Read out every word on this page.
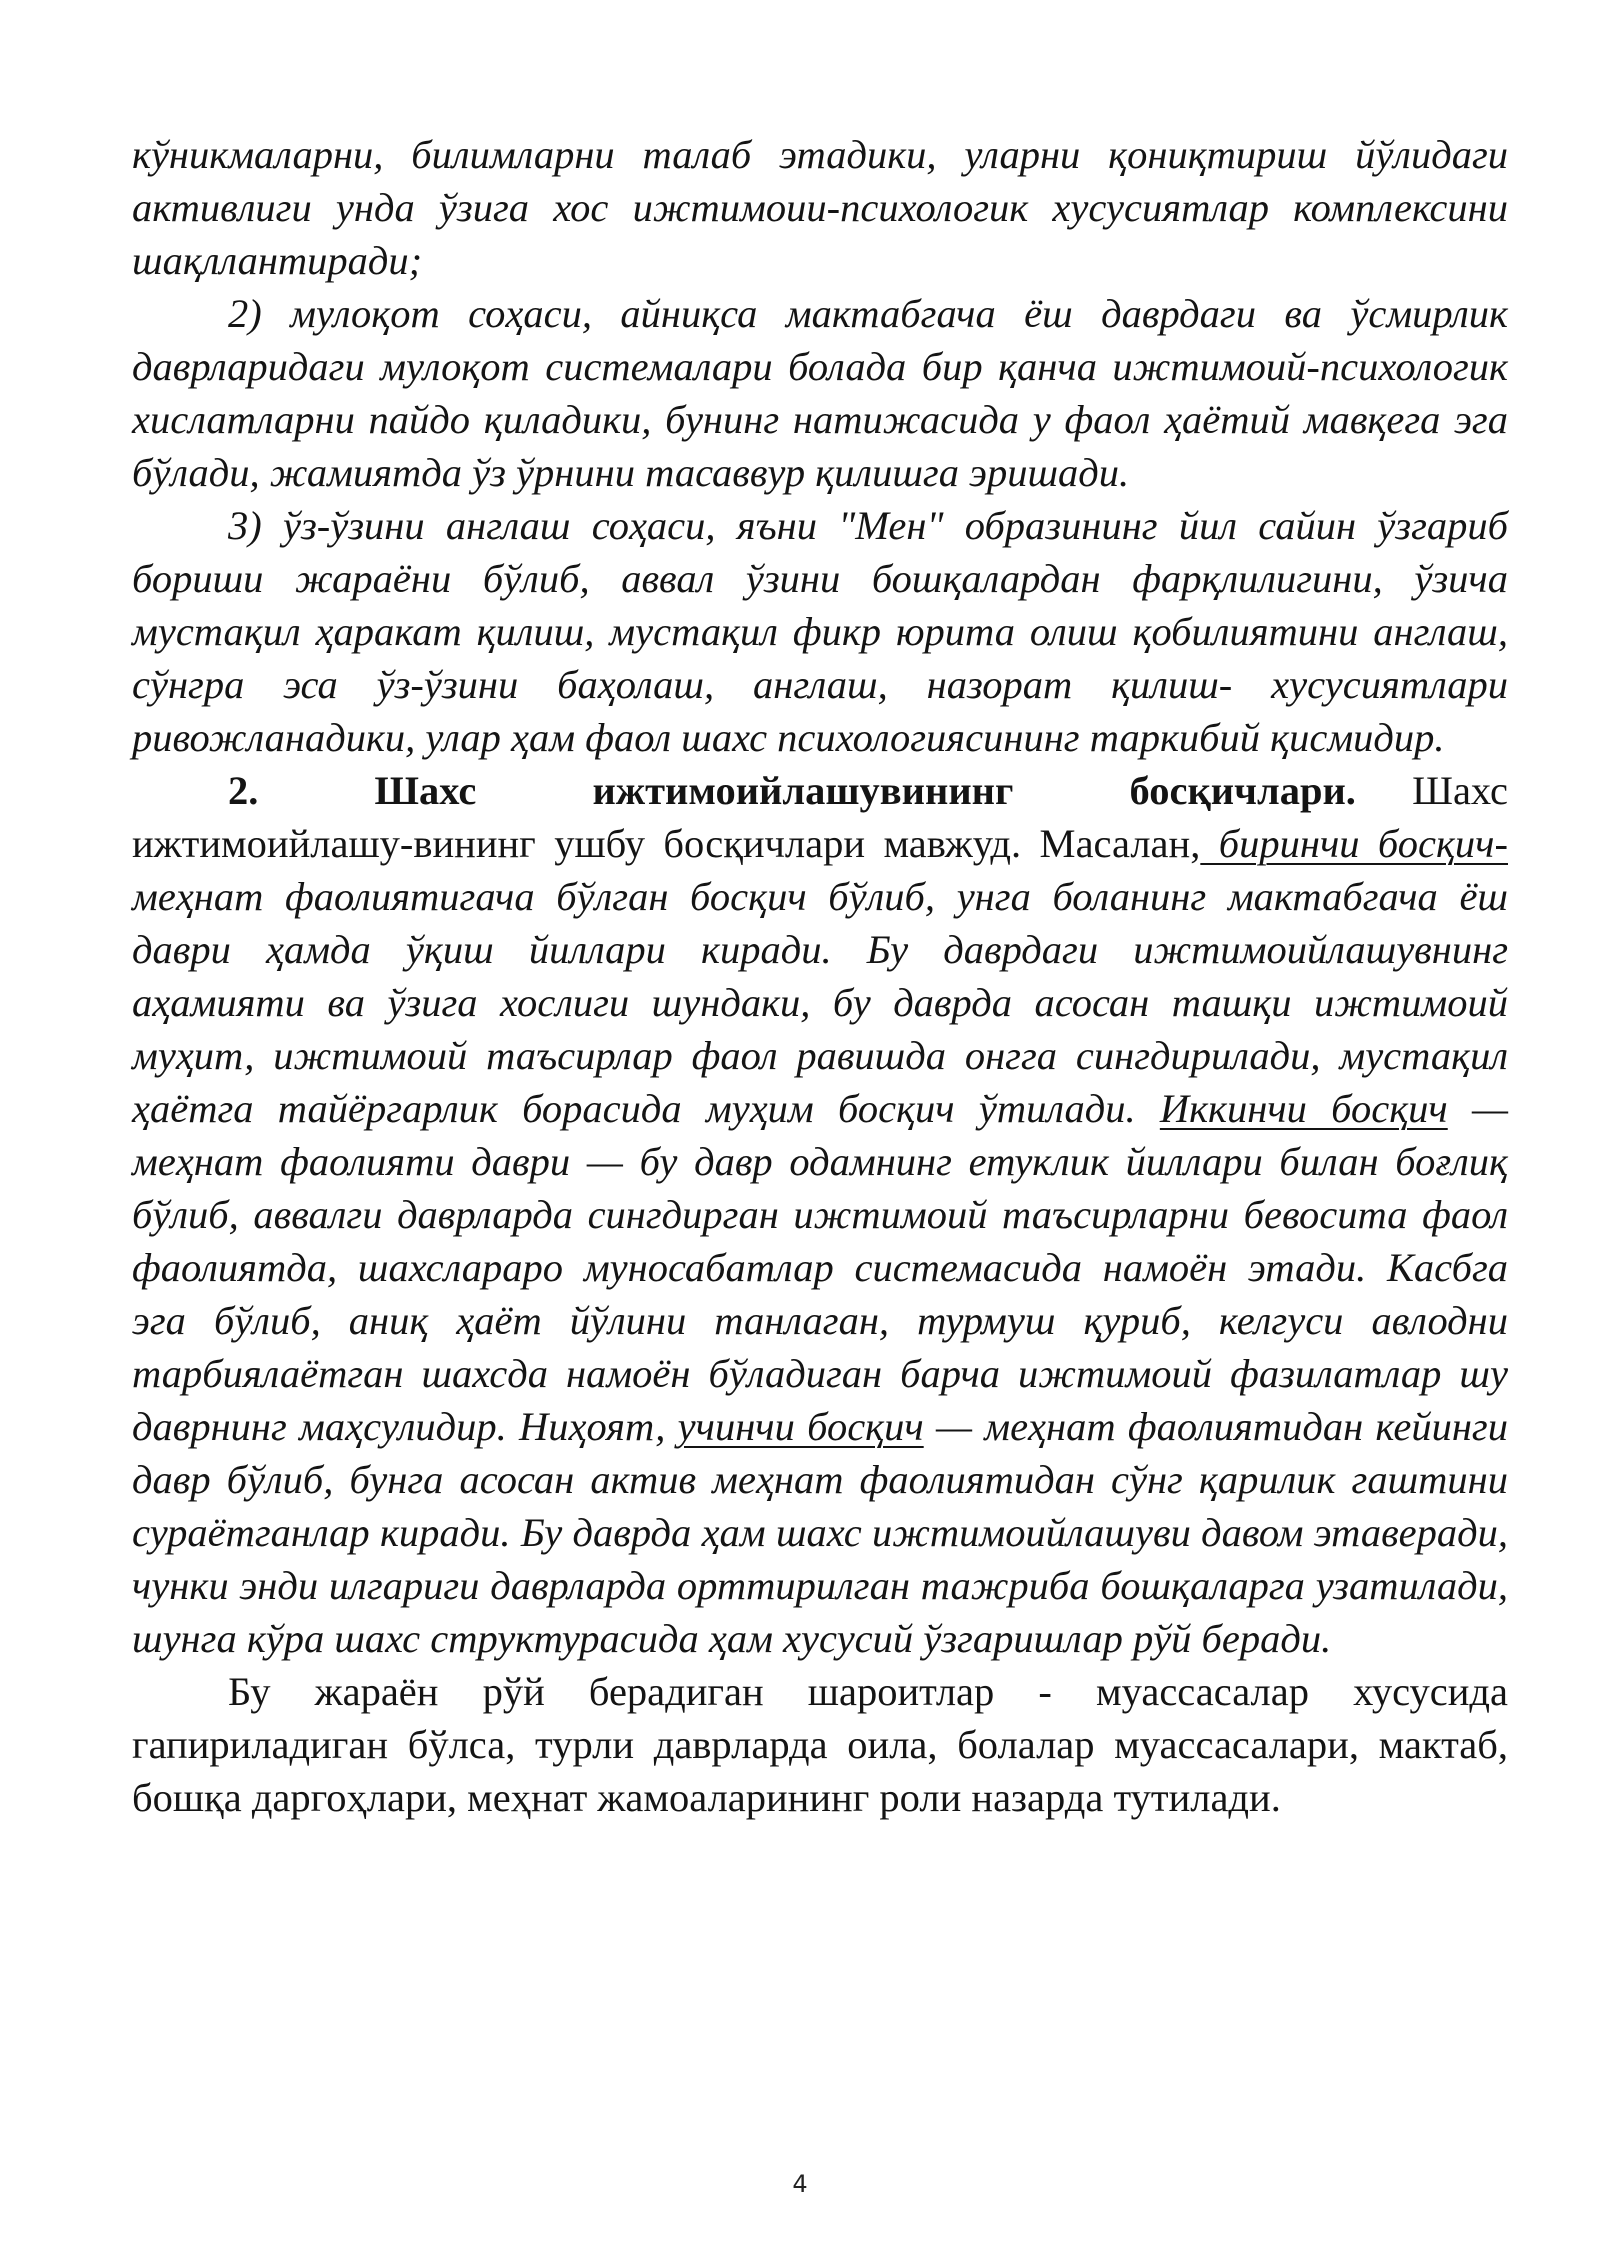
кўникмаларни, билимларни талаб этадики, уларни қониқтириш йўлидаги активлиги унда ўзига хос ижтимоии-психологик хусусиятлар комплексини шақллантиради;

2) мулоқот соҳаси, айниқса мактабгача ёш даврдаги ва ўсмирлик даврларидаги мулоқот системалари болада бир қанча ижтимоий-психологик хислатларни пайдо қиладики, бунинг натижасида у фаол ҳаётий мавқега эга бўлади, жамиятда ўз ўрнини тасаввур қилишга эришади.

3) ўз-ўзини англаш соҳаси, яъни "Мен" образининг йил сайин ўзгариб бориши жараёни бўлиб, аввал ўзини бошқалардан фарқлилигини, ўзича мустақил ҳаракат қилиш, мустақил фикр юрита олиш қобилиятини англаш, сўнгра эса ўз-ўзини баҳолаш, англаш, назорат қилиш- хусусиятлари ривожланадики, улар ҳам фаол шахс психологиясининг таркибий қисмидир.

2. Шахс ижтимоийлашувининг босқичлари. Шахс ижтимоийлашу-вининг ушбу босқичлари мавжуд. Масалан, биринчи босқич-меҳнат фаолиятигача бўлган босқич бўлиб, унга боланинг мактабгача ёш даври ҳамда ўқиш йиллари киради. Бу даврдаги ижтимоийлашувнинг аҳамияти ва ўзига хослиги шундаки, бу даврда асосан ташқи ижтимоий муҳит, ижтимоий таъсирлар фаол равишда онгга сингдирилади, мустақил ҳаётга тайёргарлик борасида муҳим босқич ўтилади. Иккинчи босқич — меҳнат фаолияти даври — бу давр одамнинг етуклик йиллари билан боғлиқ бўлиб, аввалги даврларда сингдирган ижтимоий таъсирларни бевосита фаол фаолиятда, шахслараро муносабатлар системасида намоён этади. Касбга эга бўлиб, аниқ ҳаёт йўлини танлаган, турмуш қуриб, келгуси авлодни тарбиялаётган шахсда намоён бўладиган барча ижтимоий фазилатлар шу даврнинг маҳсулидир. Ниҳоят, учинчи босқич — меҳнат фаолиятидан кейинги давр бўлиб, бунга асосан актив меҳнат фаолиятидан сўнг қарилик гаштини сураётганлар киради. Бу даврда ҳам шахс ижтимоийлашуви давом этаверади, чунки энди илгариги даврларда орттирилган тажриба бошқаларга узатилади, шунга кўра шахс структурасида ҳам хусусий ўзгаришлар рўй беради.

Бу жараён рўй берадиган шароитлар - муассасалар хусусида гапириладиган бўлса, турли даврларда оила, болалар муассасалари, мактаб, бошқа даргоҳлари, меҳнат жамоаларининг роли назарда тутилади.

4
